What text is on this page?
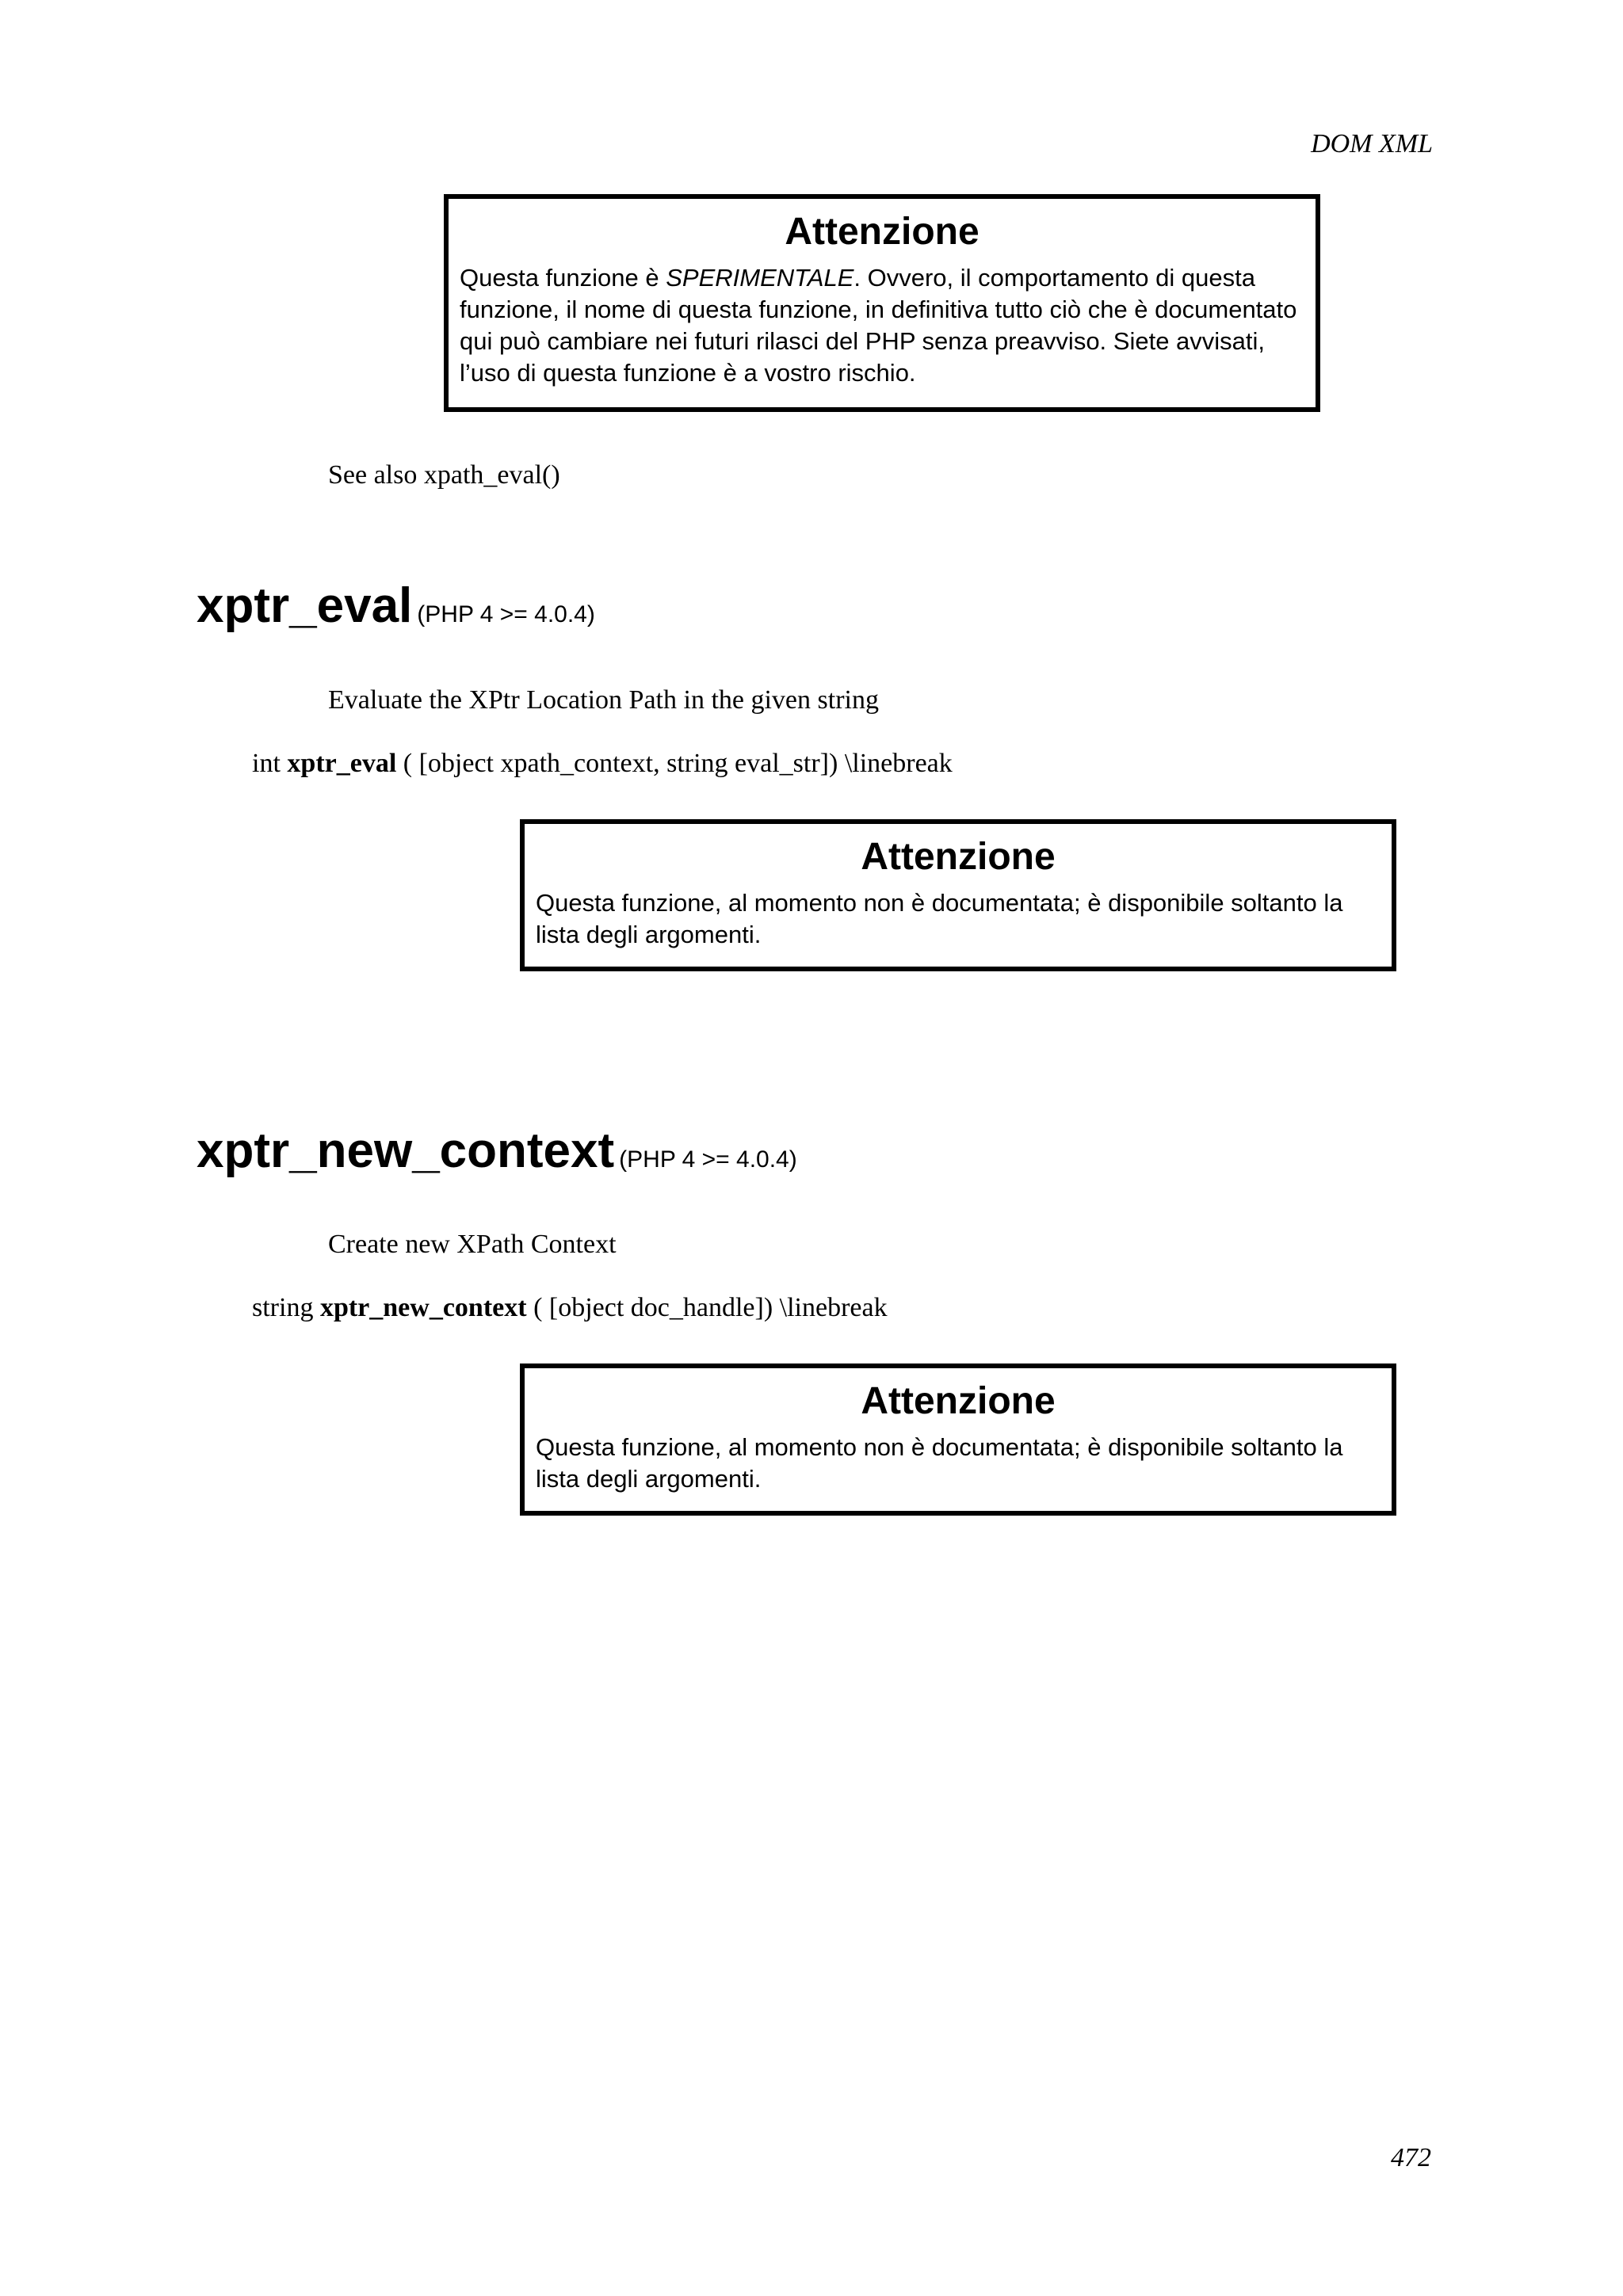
DOM XML
Attenzione
Questa funzione è SPERIMENTALE. Ovvero, il comportamento di questa funzione, il nome di questa funzione, in definitiva tutto ciò che è documentato qui può cambiare nei futuri rilasci del PHP senza preavviso. Siete avvisati, l’uso di questa funzione è a vostro rischio.
See also xpath_eval()
xptr_eval (PHP 4 >= 4.0.4)
Evaluate the XPtr Location Path in the given string
int xptr_eval ( [object xpath_context, string eval_str]) \linebreak
Attenzione
Questa funzione, al momento non è documentata; è disponibile soltanto la lista degli argomenti.
xptr_new_context (PHP 4 >= 4.0.4)
Create new XPath Context
string xptr_new_context ( [object doc_handle]) \linebreak
Attenzione
Questa funzione, al momento non è documentata; è disponibile soltanto la lista degli argomenti.
472
